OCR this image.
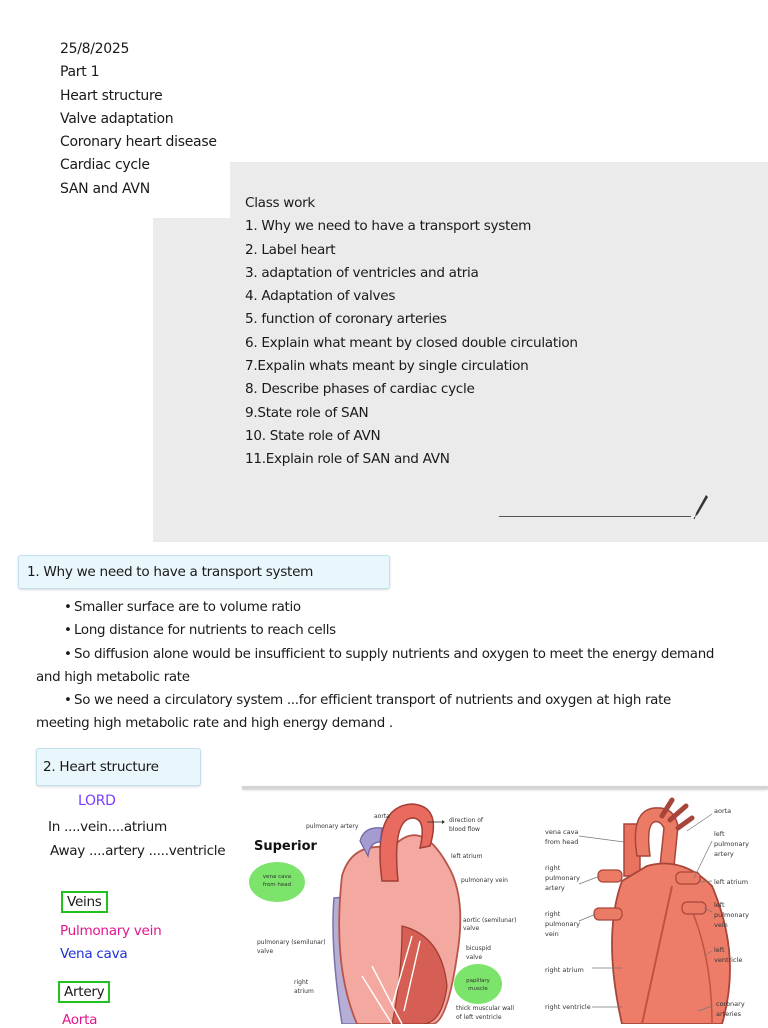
25/8/2025
Part 1
Heart structure
Valve adaptation
Coronary heart disease
Cardiac cycle
SAN and AVN
Class work
1. Why we need to have a transport system
2. Label heart
3. adaptation of ventricles and atria
4. Adaptation of valves
5. function of coronary arteries
6. Explain what meant by closed double circulation
7.Expalin whats meant by single circulation
8. Describe phases of cardiac cycle
9.State role of SAN
10. State role of AVN
11.Explain role of SAN and AVN
1. Why we need to have a transport system
• Smaller surface are to volume ratio
• Long distance for nutrients to reach cells
• So diffusion alone would be insufficient to supply nutrients and oxygen to meet the energy demand
and high metabolic rate
• So we need a circulatory system ...for efficient transport of nutrients and oxygen at high rate
meeting high metabolic rate and high energy demand .
2. Heart structure
LORD
In ....vein....atrium
Away ....artery .....ventricle
Veins
Pulmonary vein
Vena cava
Artery
Aorta
Superior
pulmonary artery
aorta
direction of
blood flow
vena cava
from head
left atrium
pulmonary vein
aortic (semilunar)
valve
pulmonary (semilunar)
valve	bicuspid
valve
papillary
muscle
right
atrium
thick muscular wall
of left ventricle
vena cava
from head
right
pulmonary
artery
right
pulmonary
vein
right atrium
right ventricle
aorta
left
pulmonary
artery
left atrium
left
pulmonary
vein
left
ventricle
coronary
arteries
